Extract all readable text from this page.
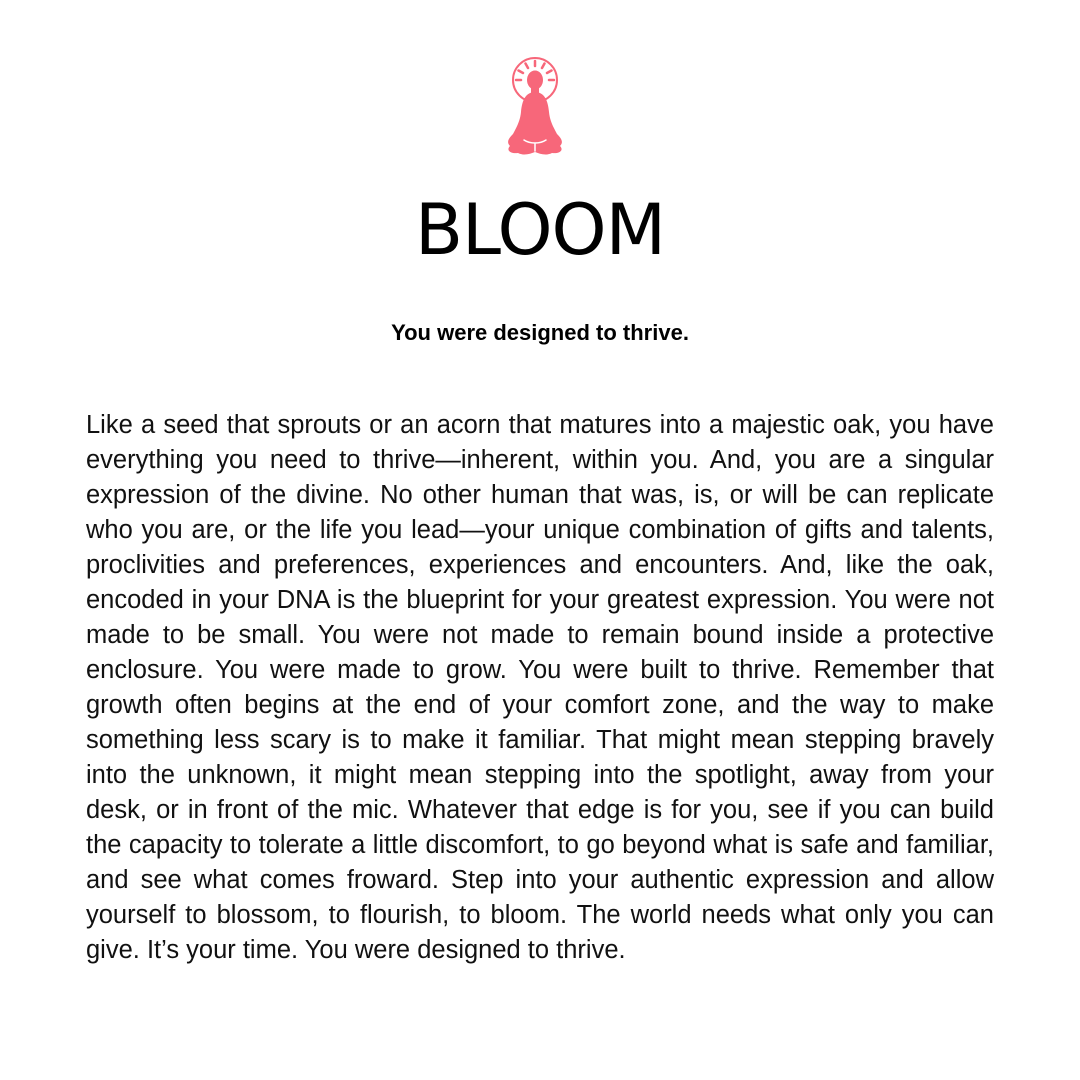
BLOOM
You were designed to thrive.

Like a seed that sprouts or an acorn that matures into a majestic oak, you have everything you need to thrive—inherent, within you. And, you are a singular expression of the divine. No other human that was, is, or will be can replicate who you are, or the life you lead—your unique combination of gifts and talents, proclivities and preferences, experiences and encounters. And, like the oak, encoded in your DNA is the blueprint for your greatest expression. You were not made to be small. You were not made to remain bound inside a protective enclosure. You were made to grow. You were built to thrive. Remember that growth often begins at the end of your comfort zone, and the way to make something less scary is to make it familiar. That might mean stepping bravely into the unknown, it might mean stepping into the spotlight, away from your desk, or in front of the mic. Whatever that edge is for you, see if you can build the capacity to tolerate a little discomfort, to go beyond what is safe and familiar, and see what comes froward. Step into your authentic expression and allow yourself to blossom, to flourish, to bloom. The world needs what only you can give. It’s your time. You were designed to thrive.
